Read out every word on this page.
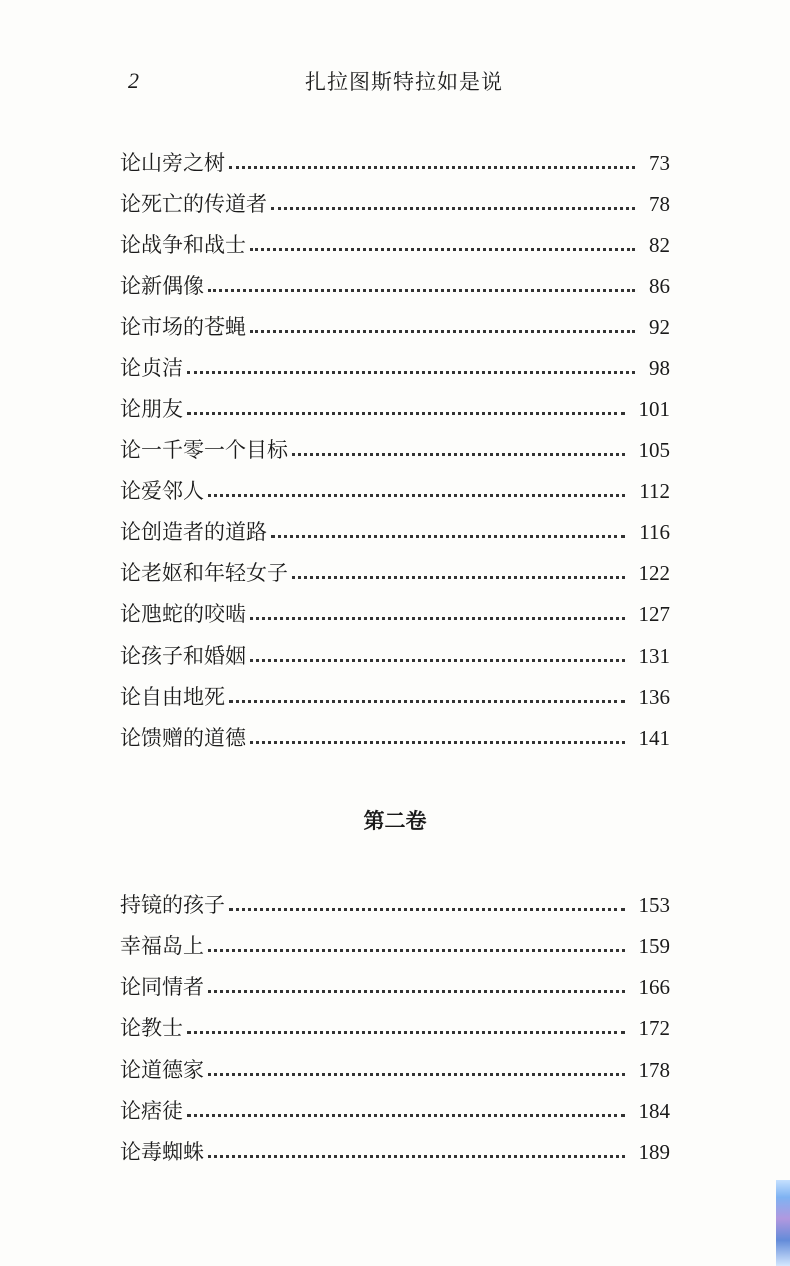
2	扎拉图斯特拉如是说
论山旁之树	73
论死亡的传道者	78
论战争和战士	82
论新偶像	86
论市场的苍蝇	92
论贞洁	98
论朋友	101
论一千零一个目标	105
论爱邻人	112
论创造者的道路	116
论老妪和年轻女子	122
论虺蛇的咬啮	127
论孩子和婚姻	131
论自由地死	136
论馈赠的道德	141
第二卷
持镜的孩子	153
幸福岛上	159
论同情者	166
论教士	172
论道德家	178
论痞徒	184
论毒蜘蛛	189
